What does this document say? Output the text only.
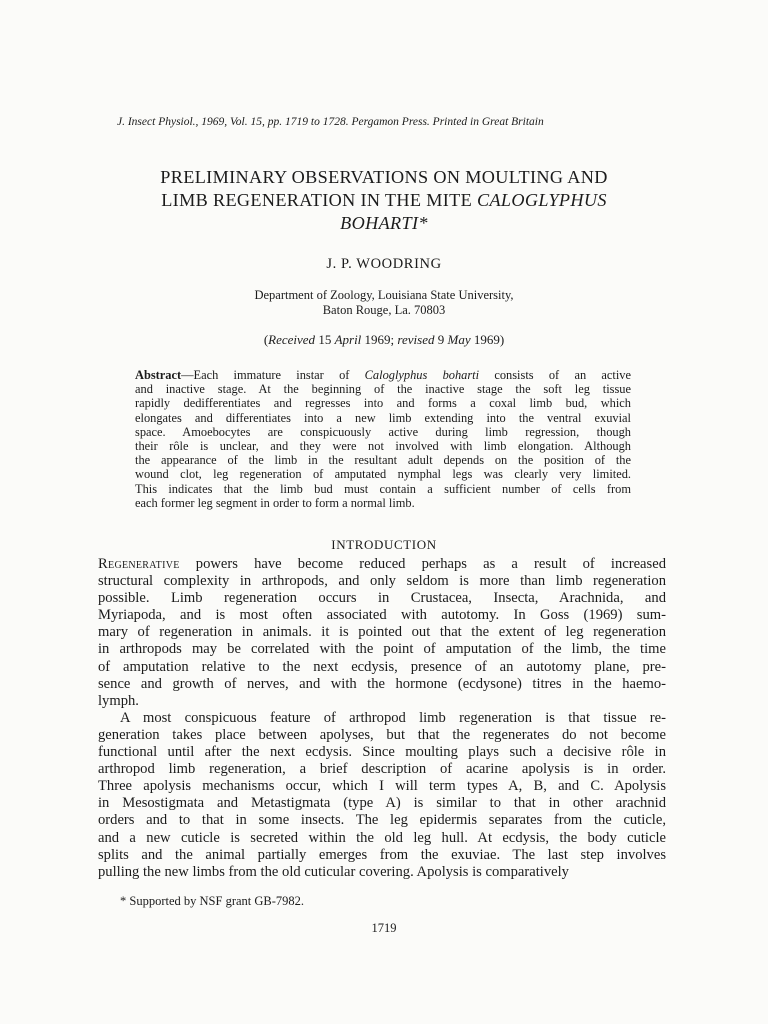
J. Insect Physiol., 1969, Vol. 15, pp. 1719 to 1728. Pergamon Press. Printed in Great Britain
PRELIMINARY OBSERVATIONS ON MOULTING AND
LIMB REGENERATION IN THE MITE CALOGLYPHUS
BOHARTI*
J. P. WOODRING
Department of Zoology, Louisiana State University,
Baton Rouge, La. 70803
(Received 15 April 1969; revised 9 May 1969)
Abstract—Each immature instar of Caloglyphus boharti consists of an active
and inactive stage. At the beginning of the inactive stage the soft leg tissue
rapidly dedifferentiates and regresses into and forms a coxal limb bud, which
elongates and differentiates into a new limb extending into the ventral exuvial
space. Amoebocytes are conspicuously active during limb regression, though
their rôle is unclear, and they were not involved with limb elongation. Although
the appearance of the limb in the resultant adult depends on the position of the
wound clot, leg regeneration of amputated nymphal legs was clearly very limited.
This indicates that the limb bud must contain a sufficient number of cells from
each former leg segment in order to form a normal limb.
INTRODUCTION
Regenerative powers have become reduced perhaps as a result of increased
structural complexity in arthropods, and only seldom is more than limb regeneration
possible. Limb regeneration occurs in Crustacea, Insecta, Arachnida, and
Myriapoda, and is most often associated with autotomy. In Goss (1969) sum-
mary of regeneration in animals. it is pointed out that the extent of leg regeneration
in arthropods may be correlated with the point of amputation of the limb, the time
of amputation relative to the next ecdysis, presence of an autotomy plane, pre-
sence and growth of nerves, and with the hormone (ecdysone) titres in the haemo-
lymph.
A most conspicuous feature of arthropod limb regeneration is that tissue re-
generation takes place between apolyses, but that the regenerates do not become
functional until after the next ecdysis. Since moulting plays such a decisive rôle in
arthropod limb regeneration, a brief description of acarine apolysis is in order.
Three apolysis mechanisms occur, which I will term types A, B, and C. Apolysis
in Mesostigmata and Metastigmata (type A) is similar to that in other arachnid
orders and to that in some insects. The leg epidermis separates from the cuticle,
and a new cuticle is secreted within the old leg hull. At ecdysis, the body cuticle
splits and the animal partially emerges from the exuviae. The last step involves
pulling the new limbs from the old cuticular covering. Apolysis is comparatively
* Supported by NSF grant GB-7982.
1719
